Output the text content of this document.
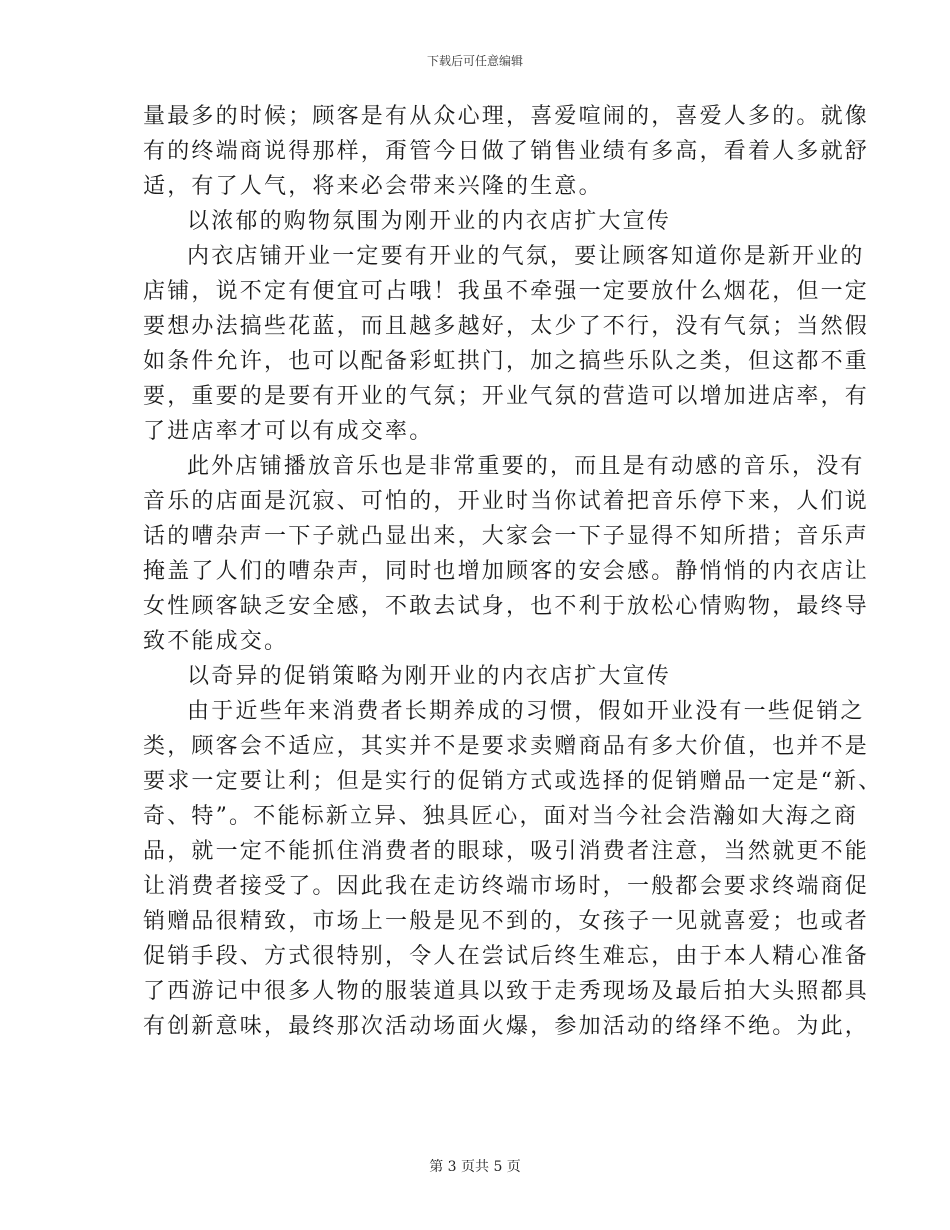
下载后可任意编辑
量最多的时候；顾客是有从众心理，喜爱喧闹的，喜爱人多的。就像
有的终端商说得那样，甭管今日做了销售业绩有多高，看着人多就舒
适，有了人气，将来必会带来兴隆的生意。
以浓郁的购物氛围为刚开业的内衣店扩大宣传
内衣店铺开业一定要有开业的气氛，要让顾客知道你是新开业的
店铺，说不定有便宜可占哦！我虽不牵强一定要放什么烟花，但一定
要想办法搞些花蓝，而且越多越好，太少了不行，没有气氛；当然假
如条件允许，也可以配备彩虹拱门，加之搞些乐队之类，但这都不重
要，重要的是要有开业的气氛；开业气氛的营造可以增加进店率，有
了进店率才可以有成交率。
此外店铺播放音乐也是非常重要的，而且是有动感的音乐，没有
音乐的店面是沉寂、可怕的，开业时当你试着把音乐停下来，人们说
话的嘈杂声一下子就凸显出来，大家会一下子显得不知所措；音乐声
掩盖了人们的嘈杂声，同时也增加顾客的安会感。静悄悄的内衣店让
女性顾客缺乏安全感，不敢去试身，也不利于放松心情购物，最终导
致不能成交。
以奇异的促销策略为刚开业的内衣店扩大宣传
由于近些年来消费者长期养成的习惯，假如开业没有一些促销之
类，顾客会不适应，其实并不是要求卖赠商品有多大价值，也并不是
要求一定要让利；但是实行的促销方式或选择的促销赠品一定是“新、
奇、特”。不能标新立异、独具匠心，面对当今社会浩瀚如大海之商
品，就一定不能抓住消费者的眼球，吸引消费者注意，当然就更不能
让消费者接受了。因此我在走访终端市场时，一般都会要求终端商促
销赠品很精致，市场上一般是见不到的，女孩子一见就喜爱；也或者
促销手段、方式很特别，令人在尝试后终生难忘，由于本人精心准备
了西游记中很多人物的服装道具以致于走秀现场及最后拍大头照都具
有创新意味，最终那次活动场面火爆，参加活动的络绎不绝。为此，
第 3 页共 5 页
